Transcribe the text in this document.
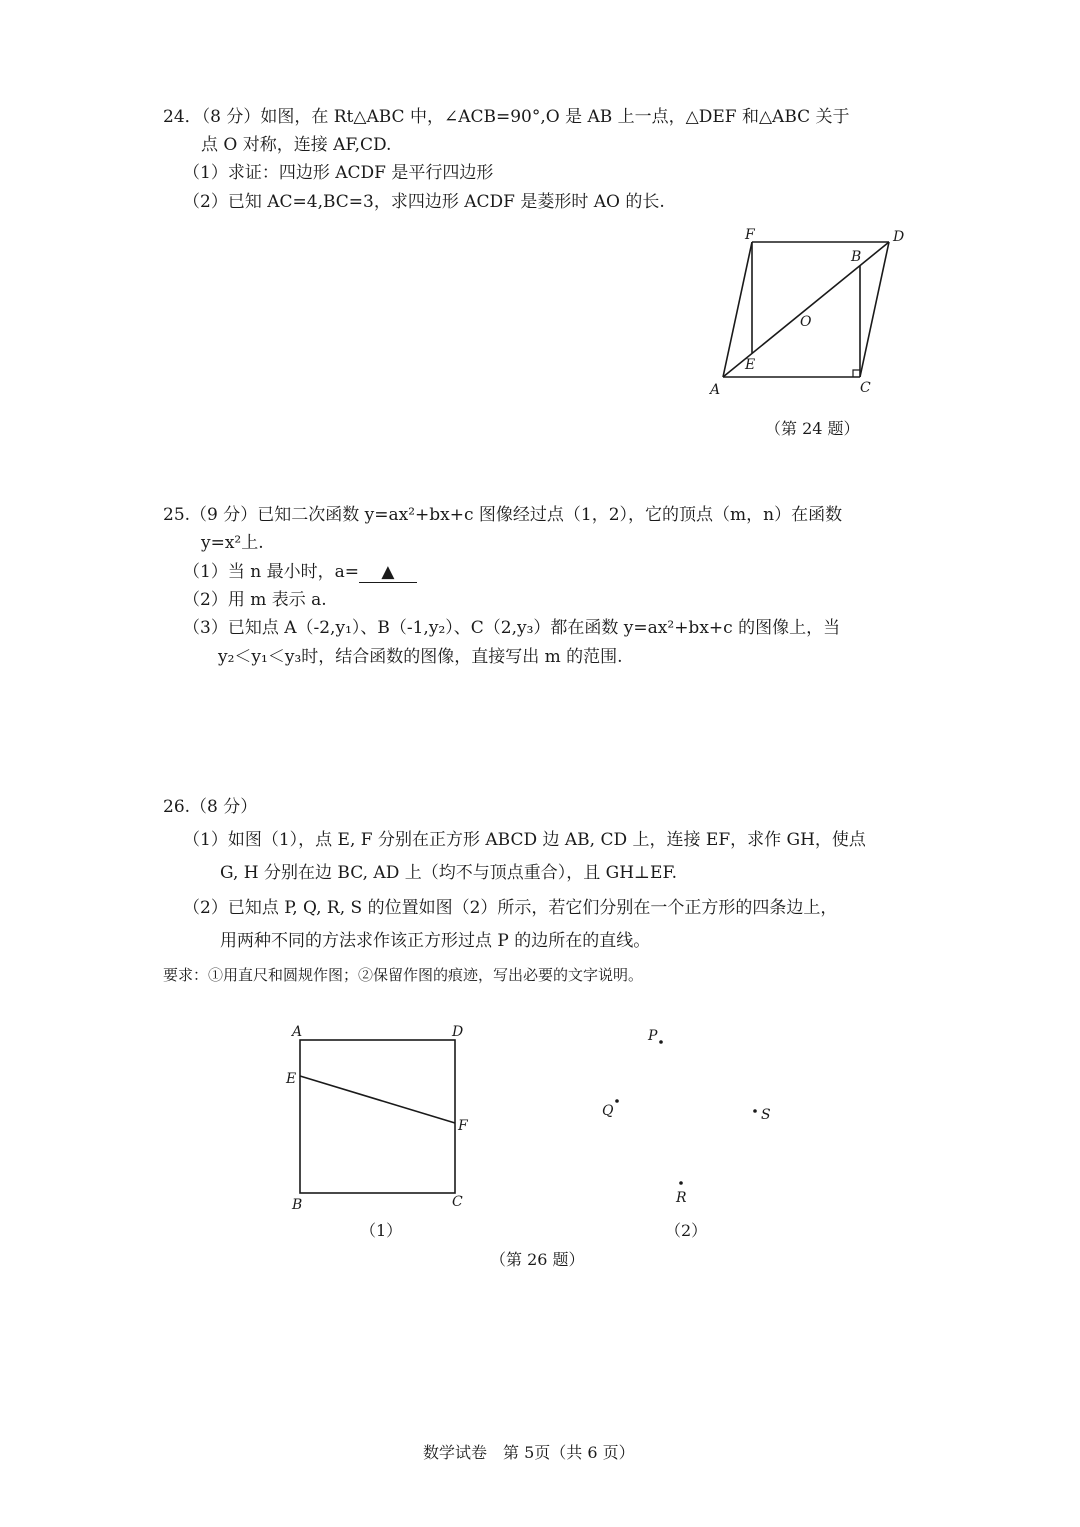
24．（8 分）如图，在 Rt△ABC 中，∠ACB=90°,O 是 AB 上一点，△DEF 和△ABC 关于
点 O 对称，连接 AF,CD.
（1）求证：四边形 ACDF 是平行四边形
（2）已知 AC=4,BC=3，求四边形 ACDF 是菱形时 AO 的长.
A	C
D
F
B
E
O
（第 24 题）
25.（9 分）已知二次函数 y=ax²+bx+c 图像经过点（1，2），它的顶点（m，n）在函数
y=x²上.
（1）当 n 最小时，a= ▲
（2）用 m 表示 a.
（3）已知点 A（-2,y₁）、B（-1,y₂）、C（2,y₃）都在函数 y=ax²+bx+c 的图像上，当
y₂＜y₁＜y₃时，结合函数的图像，直接写出 m 的范围.
26.（8 分）
（1）如图（1），点 E, F 分别在正方形 ABCD 边 AB, CD 上，连接 EF，求作 GH，使点
G, H 分别在边 BC, AD 上（均不与顶点重合），且 GH⊥EF.
（2）已知点 P, Q, R, S 的位置如图（2）所示，若它们分别在一个正方形的四条边上，
用两种不同的方法求作该正方形过点 P 的边所在的直线。
要求：①用直尺和圆规作图；②保留作图的痕迹，写出必要的文字说明。
A	D
E
F
B	C
P
Q	S
R
（1）	（2）
（第 26 题）
数学试卷　第 5页（共 6 页）
